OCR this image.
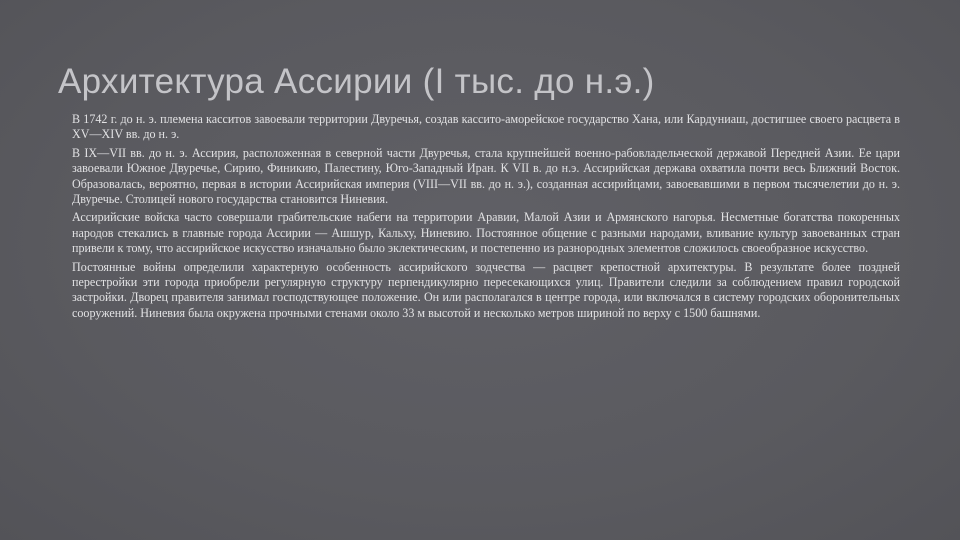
Архитектура Ассирии (I тыс. до н.э.)
В 1742 г. до н. э. племена касситов завоевали территории Двуречья, создав кассито-аморейское государство Хана, или Кардуниаш, достигшее своего расцвета в XV—XIV вв. до н. э.
В IX—VII вв. до н. э. Ассирия, расположенная в северной части Двуречья, стала крупнейшей военно-рабовладельческой державой Передней Азии. Ее цари завоевали Южное Двуречье, Сирию, Финикию, Палестину, Юго-Западный Иран. К VII в. до н.э. Ассирийская держава охватила почти весь Ближний Восток. Образовалась, вероятно, первая в истории Ассирийская империя (VIII—VII вв. до н. э.), созданная ассирийцами, завоевавшими в первом тысячелетии до н. э. Двуречье. Столицей нового государства становится Ниневия.
Ассирийские войска часто совершали грабительские набеги на территории Аравии, Малой Азии и Армянского нагорья. Несметные богатства покоренных народов стекались в главные города Ассирии — Ашшур, Кальху, Ниневию. Постоянное общение с разными народами, вливание культур завоеванных стран привели к тому, что ассирийское искусство изначально было эклектическим, и постепенно из разнородных элементов сложилось своеобразное искусство.
Постоянные войны определили характерную особенность ассирийского зодчества — расцвет крепостной архитектуры. В результате более поздней перестройки эти города приобрели регулярную структуру перпендикулярно пересекающихся улиц. Правители следили за соблюдением правил городской застройки. Дворец правителя занимал господствующее положение. Он или располагался в центре города, или включался в систему городских оборонительных сооружений. Ниневия была окружена прочными стенами около 33 м высотой и несколько метров шириной по верху с 1500 башнями.
